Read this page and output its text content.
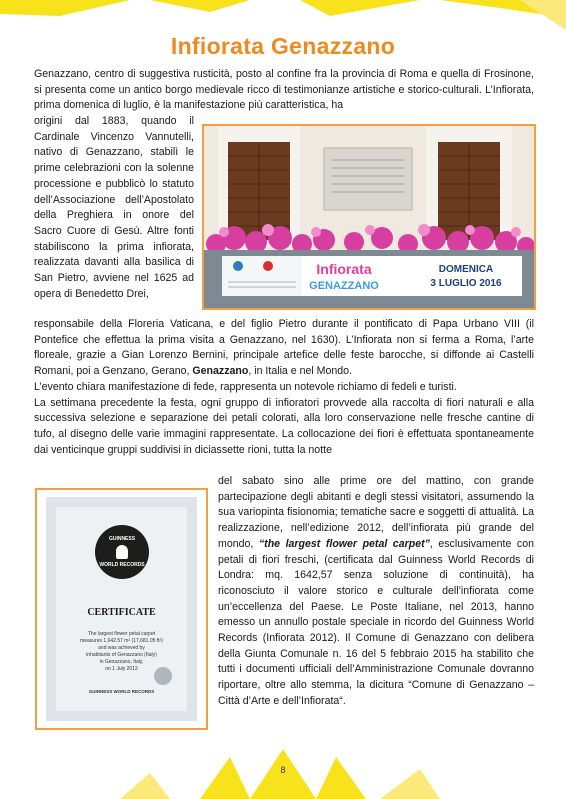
Infiorata Genazzano

Genazzano, centro di suggestiva rusticità, posto al confine fra la provincia di Roma e quella di Frosinone, si presenta come un antico borgo medievale ricco di testimonianze artistiche e storico-culturali. L’Infiorata, prima domenica di luglio, è la manifestazione più caratteristica, ha

origini dal 1883, quando il Cardinale Vincenzo Vannutelli, nativo di Genazzano, stabilì le prime celebrazioni con la solenne processione e pubblicò lo statuto dell’Associazione dell’Apostolato della Preghiera in onore del Sacro Cuore di Gesù. Altre fonti stabiliscono la prima infiorata, realizzata davanti alla basilica di San Pietro, avviene nel 1625 ad opera di Benedetto Drei,

Infiorata
GENAZZANO
DOMENICA
3 LUGLIO 2016

responsabile della Floreria Vaticana, e del figlio Pietro durante il pontificato di Papa Urbano VIII (il Pontefice che effettua la prima visita a Genazzano, nel 1630). L’Infiorata non si ferma a Roma, l’arte floreale, grazie a Gian Lorenzo Bernini, principale artefice delle feste barocche, si diffonde ai Castelli Romani, poi a Genzano, Gerano, Genazzano, in Italia e nel Mondo.

L’evento chiara manifestazione di fede, rappresenta un notevole richiamo di fedeli e turisti.

La settimana precedente la festa, ogni gruppo di infioratori provvede alla raccolta di fiori naturali e alla successiva selezione e separazione dei petali colorati, alla loro conservazione nelle fresche cantine di tufo, al disegno delle varie immagini rappresentate. La collocazione dei fiori è effettuata spontaneamente dai venticinque gruppi suddivisi in diciassette rioni, tutta la notte

del sabato sino alle prime ore del mattino, con grande partecipazione degli abitanti e degli stessi visitatori, assumendo la sua variopinta fisionomia; tematiche sacre e soggetti di attualità. La realizzazione, nell’edizione 2012, dell’infiorata più grande del mondo, “the largest flower petal carpet”, esclusivamente con petali di fiori freschi, (certificata dal Guinness World Records di Londra: mq. 1642,57 senza soluzione di continuità), ha riconosciuto il valore storico e culturale dell’infiorata come un’eccellenza del Paese. Le Poste Italiane, nel 2013, hanno emesso un annullo postale speciale in ricordo del Guinness World Records (Infiorata 2012). Il Comune di Genazzano con delibera della Giunta Comunale n. 16 del 5 febbraio 2015 ha stabilito che tutti i documenti ufficiali dell’Amministrazione Comunale dovranno riportare, oltre allo stemma, la dicitura “Comune di Genazzano – Città d’Arte e dell’Infiorata“.

GUINNESS
WORLD RECORDS
CERTIFICATE
The largest flower petal carpet
measures 1,642.57 m² (17,681.05 ft²)
and was achieved by
inhabitants of Genazzano (Italy)
in Genazzano, Italy,
on 1 July 2012
GUINNESS WORLD RECORDS
8
